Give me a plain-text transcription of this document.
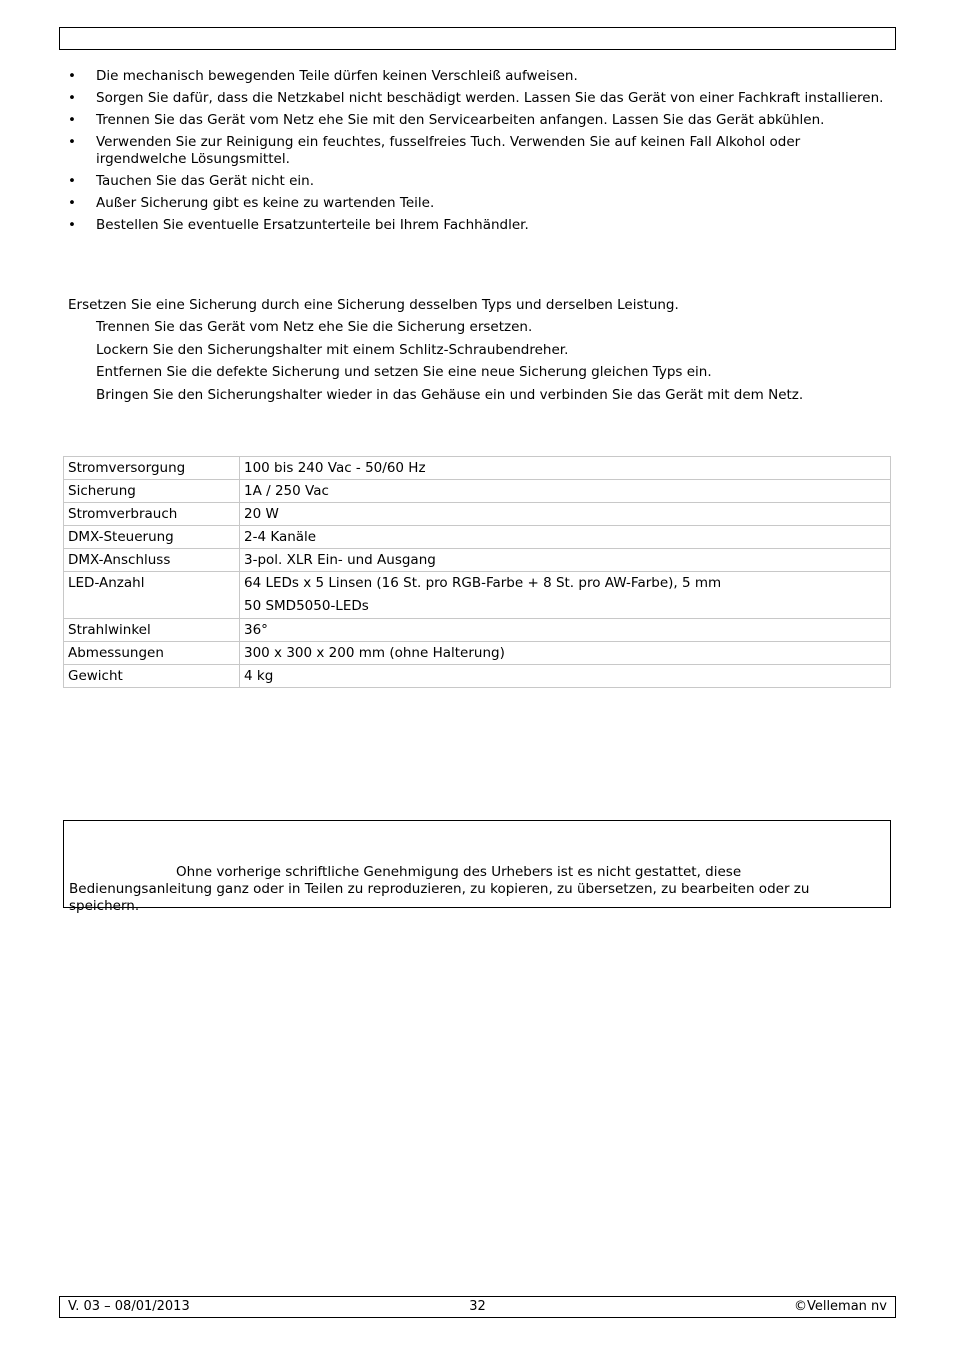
• Die mechanisch bewegenden Teile dürfen keinen Verschleiß aufweisen.
• Sorgen Sie dafür, dass die Netzkabel nicht beschädigt werden. Lassen Sie das Gerät von einer Fachkraft installieren.
• Trennen Sie das Gerät vom Netz ehe Sie mit den Servicearbeiten anfangen. Lassen Sie das Gerät abkühlen.
• Verwenden Sie zur Reinigung ein feuchtes, fusselfreies Tuch. Verwenden Sie auf keinen Fall Alkohol oder irgendwelche Lösungsmittel.
• Tauchen Sie das Gerät nicht ein.
• Außer Sicherung gibt es keine zu wartenden Teile.
• Bestellen Sie eventuelle Ersatzunterteile bei Ihrem Fachhändler.

Ersetzen Sie eine Sicherung durch eine Sicherung desselben Typs und derselben Leistung.

Trennen Sie das Gerät vom Netz ehe Sie die Sicherung ersetzen.
Lockern Sie den Sicherungshalter mit einem Schlitz-Schraubendreher.
Entfernen Sie die defekte Sicherung und setzen Sie eine neue Sicherung gleichen Typs ein.
Bringen Sie den Sicherungshalter wieder in das Gehäuse ein und verbinden Sie das Gerät mit dem Netz.
Stromversorgung	100 bis 240 Vac - 50/60 Hz
Sicherung	1A / 250 Vac
Stromverbrauch	20 W
DMX-Steuerung	2-4 Kanäle
DMX-Anschluss	3-pol. XLR Ein- und Ausgang
LED-Anzahl	64 LEDs x 5 Linsen (16 St. pro RGB-Farbe + 8 St. pro AW-Farbe), 5 mm
50 SMD5050-LEDs

Strahlwinkel	36°
Abmessungen	300 x 300 x 200 mm (ohne Halterung)
Gewicht	4 kg

Ohne vorherige schriftliche Genehmigung des Urhebers ist es nicht gestattet, diese Bedienungsanleitung ganz oder in Teilen zu reproduzieren, zu kopieren, zu übersetzen, zu bearbeiten oder zu speichern.

V. 03 – 08/01/2013	32	©Velleman nv
